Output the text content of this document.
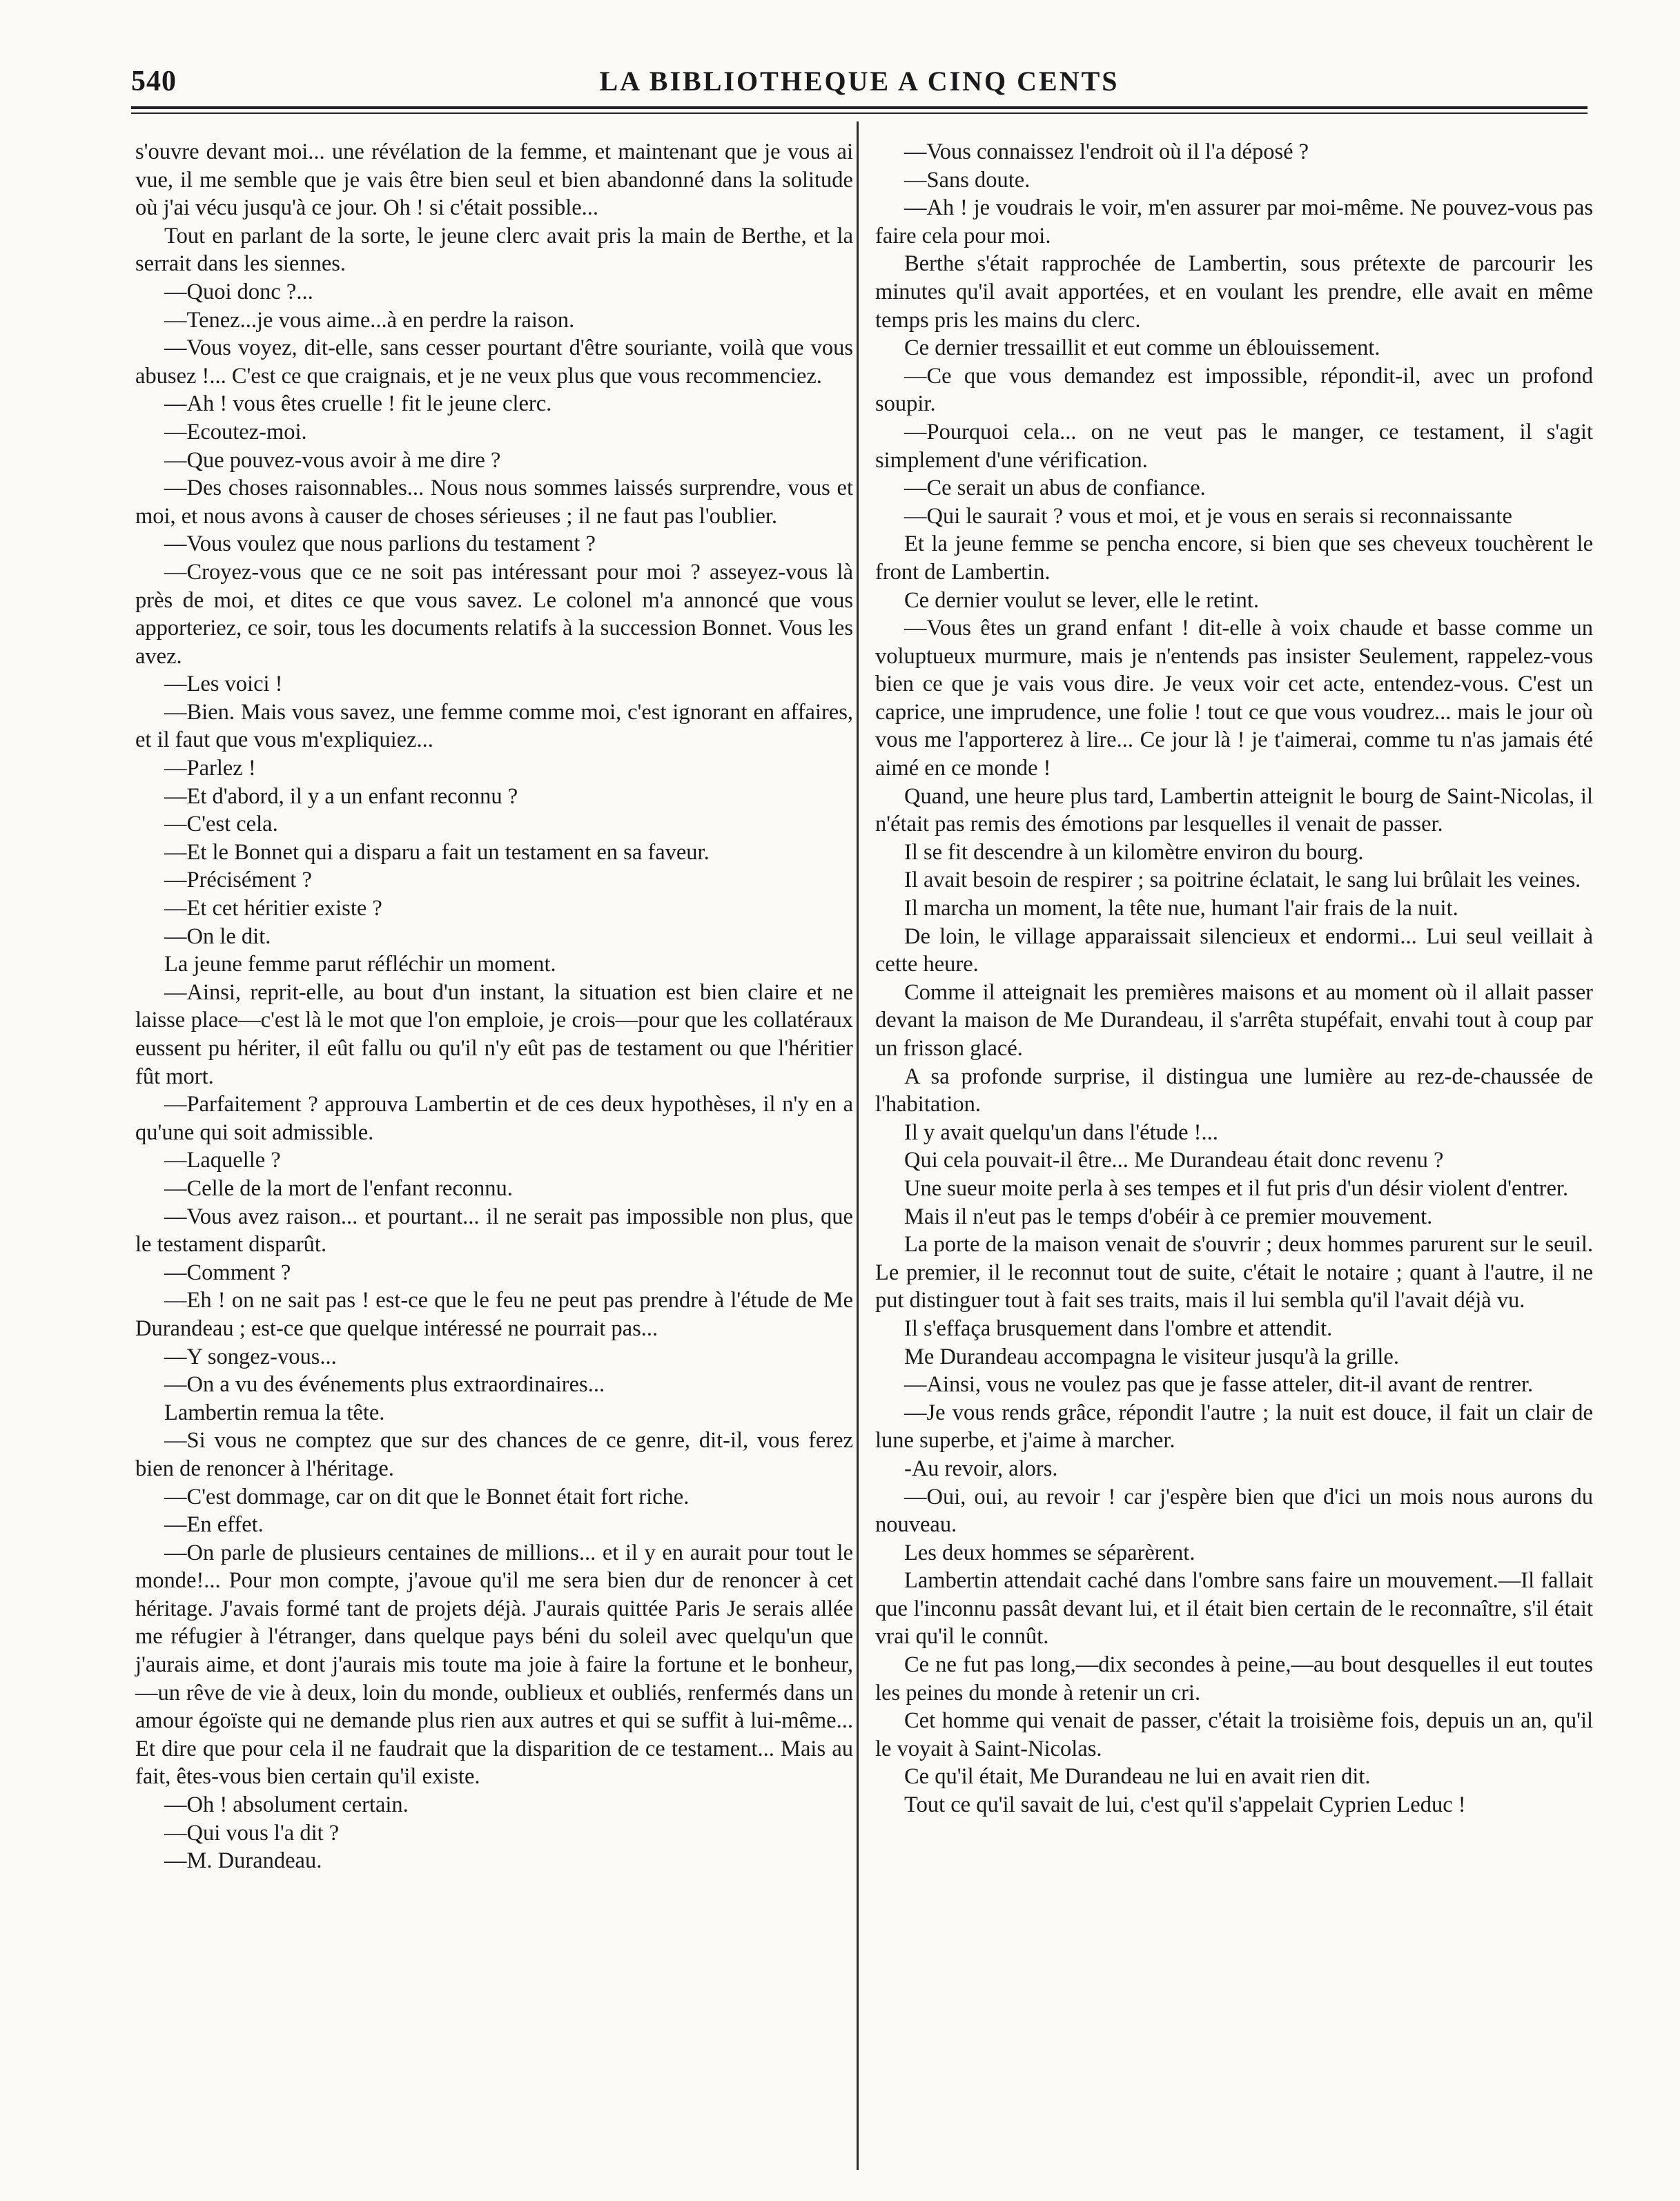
540	LA BIBLIOTHEQUE A CINQ CENTS

s'ouvre devant moi... une révélation de la femme, et maintenant que je vous ai vue, il me semble que je vais être bien seul et bien abandonné dans la solitude où j'ai vécu jusqu'à ce jour. Oh ! si c'était possible...

Tout en parlant de la sorte, le jeune clerc avait pris la main de Berthe, et la serrait dans les siennes.

—Quoi donc ?...

—Tenez...je vous aime...à en perdre la raison.

—Vous voyez, dit-elle, sans cesser pourtant d'être souriante, voilà que vous abusez !... C'est ce que craignais, et je ne veux plus que vous recommenciez.

—Ah ! vous êtes cruelle ! fit le jeune clerc.

—Ecoutez-moi.

—Que pouvez-vous avoir à me dire ?

—Des choses raisonnables... Nous nous sommes laissés surprendre, vous et moi, et nous avons à causer de choses sérieuses ; il ne faut pas l'oublier.

—Vous voulez que nous parlions du testament ?

—Croyez-vous que ce ne soit pas intéressant pour moi ? asseyez-vous là près de moi, et dites ce que vous savez. Le colonel m'a annoncé que vous apporteriez, ce soir, tous les documents relatifs à la succession Bonnet. Vous les avez.

—Les voici !

—Bien. Mais vous savez, une femme comme moi, c'est ignorant en affaires, et il faut que vous m'expliquiez...

—Parlez !

—Et d'abord, il y a un enfant reconnu ?

—C'est cela.

—Et le Bonnet qui a disparu a fait un testament en sa faveur.

—Précisément ?

—Et cet héritier existe ?

—On le dit.

La jeune femme parut réfléchir un moment.

—Ainsi, reprit-elle, au bout d'un instant, la situation est bien claire et ne laisse place—c'est là le mot que l'on emploie, je crois—pour que les collatéraux eussent pu hériter, il eût fallu ou qu'il n'y eût pas de testament ou que l'héritier fût mort.

—Parfaitement ? approuva Lambertin et de ces deux hypothèses, il n'y en a qu'une qui soit admissible.

—Laquelle ?

—Celle de la mort de l'enfant reconnu.

—Vous avez raison... et pourtant... il ne serait pas impossible non plus, que le testament disparût.

—Comment ?

—Eh ! on ne sait pas ! est-ce que le feu ne peut pas prendre à l'étude de Me Durandeau ; est-ce que quelque intéressé ne pourrait pas...

—Y songez-vous...

—On a vu des événements plus extraordinaires...

Lambertin remua la tête.

—Si vous ne comptez que sur des chances de ce genre, dit-il, vous ferez bien de renoncer à l'héritage.

—C'est dommage, car on dit que le Bonnet était fort riche.

—En effet.

—On parle de plusieurs centaines de millions... et il y en aurait pour tout le monde!... Pour mon compte, j'avoue qu'il me sera bien dur de renoncer à cet héritage. J'avais formé tant de projets déjà. J'aurais quittée Paris Je serais allée me réfugier à l'étranger, dans quelque pays béni du soleil avec quelqu'un que j'aurais aime, et dont j'aurais mis toute ma joie à faire la fortune et le bonheur,—un rêve de vie à deux, loin du monde, oublieux et oubliés, renfermés dans un amour égoïste qui ne demande plus rien aux autres et qui se suffit à lui-même... Et dire que pour cela il ne faudrait que la disparition de ce testament... Mais au fait, êtes-vous bien certain qu'il existe.

—Oh ! absolument certain.

—Qui vous l'a dit ?

—M. Durandeau.

—Vous connaissez l'endroit où il l'a déposé ?

—Sans doute.

—Ah ! je voudrais le voir, m'en assurer par moi-même. Ne pouvez-vous pas faire cela pour moi.

Berthe s'était rapprochée de Lambertin, sous prétexte de parcourir les minutes qu'il avait apportées, et en voulant les prendre, elle avait en même temps pris les mains du clerc.

Ce dernier tressaillit et eut comme un éblouissement.

—Ce que vous demandez est impossible, répondit-il, avec un profond soupir.

—Pourquoi cela... on ne veut pas le manger, ce testament, il s'agit simplement d'une vérification.

—Ce serait un abus de confiance.

—Qui le saurait ? vous et moi, et je vous en serais si reconnaissante

Et la jeune femme se pencha encore, si bien que ses cheveux touchèrent le front de Lambertin.

Ce dernier voulut se lever, elle le retint.

—Vous êtes un grand enfant ! dit-elle à voix chaude et basse comme un voluptueux murmure, mais je n'entends pas insister Seulement, rappelez-vous bien ce que je vais vous dire. Je veux voir cet acte, entendez-vous. C'est un caprice, une imprudence, une folie ! tout ce que vous voudrez... mais le jour où vous me l'apporterez à lire... Ce jour là ! je t'aimerai, comme tu n'as jamais été aimé en ce monde !

Quand, une heure plus tard, Lambertin atteignit le bourg de Saint-Nicolas, il n'était pas remis des émotions par lesquelles il venait de passer.

Il se fit descendre à un kilomètre environ du bourg.

Il avait besoin de respirer ; sa poitrine éclatait, le sang lui brûlait les veines.

Il marcha un moment, la tête nue, humant l'air frais de la nuit.

De loin, le village apparaissait silencieux et endormi... Lui seul veillait à cette heure.

Comme il atteignait les premières maisons et au moment où il allait passer devant la maison de Me Durandeau, il s'arrêta stupéfait, envahi tout à coup par un frisson glacé.

A sa profonde surprise, il distingua une lumière au rez-de-chaussée de l'habitation.

Il y avait quelqu'un dans l'étude !...

Qui cela pouvait-il être... Me Durandeau était donc revenu ?

Une sueur moite perla à ses tempes et il fut pris d'un désir violent d'entrer.

Mais il n'eut pas le temps d'obéir à ce premier mouvement.

La porte de la maison venait de s'ouvrir ; deux hommes parurent sur le seuil. Le premier, il le reconnut tout de suite, c'était le notaire ; quant à l'autre, il ne put distinguer tout à fait ses traits, mais il lui sembla qu'il l'avait déjà vu.

Il s'effaça brusquement dans l'ombre et attendit.

Me Durandeau accompagna le visiteur jusqu'à la grille.

—Ainsi, vous ne voulez pas que je fasse atteler, dit-il avant de rentrer.

—Je vous rends grâce, répondit l'autre ; la nuit est douce, il fait un clair de lune superbe, et j'aime à marcher.

-Au revoir, alors.

—Oui, oui, au revoir ! car j'espère bien que d'ici un mois nous aurons du nouveau.

Les deux hommes se séparèrent.

Lambertin attendait caché dans l'ombre sans faire un mouvement.—Il fallait que l'inconnu passât devant lui, et il était bien certain de le reconnaître, s'il était vrai qu'il le connût.

Ce ne fut pas long,—dix secondes à peine,—au bout desquelles il eut toutes les peines du monde à retenir un cri.

Cet homme qui venait de passer, c'était la troisième fois, depuis un an, qu'il le voyait à Saint-Nicolas.

Ce qu'il était, Me Durandeau ne lui en avait rien dit.

Tout ce qu'il savait de lui, c'est qu'il s'appelait Cyprien Leduc !
